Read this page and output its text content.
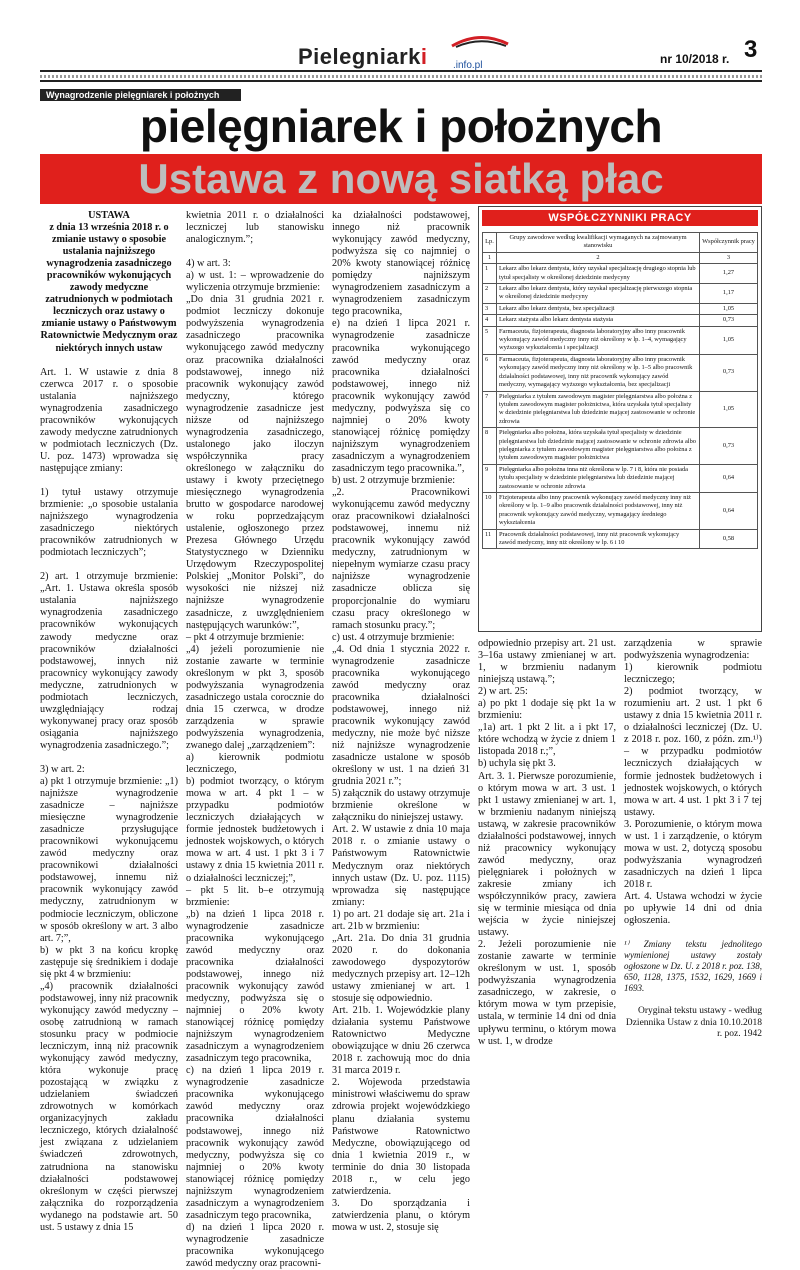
Pielegniarki	.info.pl	nr 10/2018 r. 3
Wynagrodzenie pielęgniarek i położnych
pielęgniarek i położnych
Ustawa z nową siatką płac

USTAWA

z dnia 13 września 2018 r. o zmianie ustawy o sposobie ustalania najniższego wynagrodzenia zasadniczego pracowników wykonujących zawody medyczne zatrudnionych w podmiotach leczniczych oraz ustawy o zmianie ustawy o Państwowym Ratownictwie Medycznym oraz niektórych innych ustaw

Art. 1. W ustawie z dnia 8 czerwca 2017 r. o sposobie ustalania najniższego wynagrodzenia zasadniczego pracowników wykonujących zawody medyczne zatrudnionych w podmiotach leczniczych (Dz. U. poz. 1473) wprowadza się następujące zmiany:

1) tytuł ustawy otrzymuje brzmienie: „o sposobie ustalania najniższego wynagrodzenia zasadniczego niektórych pracowników zatrudnionych w podmiotach leczniczych”;

2) art. 1 otrzymuje brzmienie: „Art. 1. Ustawa określa sposób ustalania najniższego wynagrodzenia zasadniczego pracowników wykonujących zawody medyczne oraz pracowników działalności podstawowej, innych niż pracownicy wykonujący zawody medyczne, zatrudnionych w podmiotach leczniczych, uwzględniający rodzaj wykonywanej pracy oraz sposób osiągania najniższego wynagrodzenia zasadniczego.”;

3) w art. 2:

a) pkt 1 otrzymuje brzmienie: „1) najniższe wynagrodzenie zasadnicze – najniższe miesięczne wynagrodzenie zasadnicze przysługujące pracownikowi wykonującemu zawód medyczny oraz pracownikowi działalności podstawowej, innemu niż pracownik wykonujący zawód medyczny, zatrudnionym w podmiocie leczniczym, obliczone w sposób określony w art. 3 albo art. 7;”,

b) w pkt 3 na końcu kropkę zastępuje się średnikiem i dodaje się pkt 4 w brzmieniu:

„4) pracownik działalności podstawowej, inny niż pracownik wykonujący zawód medyczny – osobę zatrudnioną w ramach stosunku pracy w podmiocie leczniczym, inną niż pracownik wykonujący zawód medyczny, która wykonuje pracę pozostającą w związku z udzielaniem świadczeń zdrowotnych w komórkach organizacyjnych zakładu leczniczego, których działalność jest związana z udzielaniem świadczeń zdrowotnych, zatrudniona na stanowisku działalności podstawowej określonym w części pierwszej załącznika do rozporządzenia wydanego na podstawie art. 50 ust. 5 ustawy z dnia 15

kwietnia 2011 r. o działalności leczniczej lub stanowisku analogicznym.”;

4) w art. 3:

a) w ust. 1: – wprowadzenie do wyliczenia otrzymuje brzmienie:

„Do dnia 31 grudnia 2021 r. podmiot leczniczy dokonuje podwyższenia wynagrodzenia zasadniczego pracownika wykonującego zawód medyczny oraz pracownika działalności podstawowej, innego niż pracownik wykonujący zawód medyczny, którego wynagrodzenie zasadnicze jest niższe od najniższego wynagrodzenia zasadniczego, ustalonego jako iloczyn współczynnika pracy określonego w załączniku do ustawy i kwoty przeciętnego miesięcznego wynagrodzenia brutto w gospodarce narodowej w roku poprzedzającym ustalenie, ogłoszonego przez Prezesa Głównego Urzędu Statystycznego w Dzienniku Urzędowym Rzeczypospolitej Polskiej „Monitor Polski”, do wysokości nie niższej niż najniższe wynagrodzenie zasadnicze, z uwzględnieniem następujących warunków:”,

– pkt 4 otrzymuje brzmienie:

„4) jeżeli porozumienie nie zostanie zawarte w terminie określonym w pkt 3, sposób podwyższania wynagrodzenia zasadniczego ustala corocznie do dnia 15 czerwca, w drodze zarządzenia w sprawie podwyższenia wynagrodzenia, zwanego dalej „zarządzeniem”:

a) kierownik podmiotu leczniczego,

b) podmiot tworzący, o którym mowa w art. 4 pkt 1 – w przypadku podmiotów leczniczych działających w formie jednostek budżetowych i jednostek wojskowych, o których mowa w art. 4 ust. 1 pkt 3 i 7 ustawy z dnia 15 kwietnia 2011 r. o działalności leczniczej;”,

– pkt 5 lit. b–e otrzymują brzmienie:

„b) na dzień 1 lipca 2018 r. wynagrodzenie zasadnicze pracownika wykonującego zawód medyczny oraz pracownika działalności podstawowej, innego niż pracownik wykonujący zawód medyczny, podwyższa się o najmniej o 20% kwoty stanowiącej różnicę pomiędzy najniższym wynagrodzeniem zasadniczym a wynagrodzeniem zasadniczym tego pracownika,

c) na dzień 1 lipca 2019 r. wynagrodzenie zasadnicze pracownika wykonującego zawód medyczny oraz pracownika działalności podstawowej, innego niż pracownik wykonujący zawód medyczny, podwyższa się co najmniej o 20% kwoty stanowiącej różnicę pomiędzy najniższym wynagrodzeniem zasadniczym a wynagrodzeniem zasadniczym tego pracownika,

d) na dzień 1 lipca 2020 r. wynagrodzenie zasadnicze pracownika wykonującego zawód medyczny oraz pracowni-

ka działalności podstawowej, innego niż pracownik wykonujący zawód medyczny, podwyższa się co najmniej o 20% kwoty stanowiącej różnicę pomiędzy najniższym wynagrodzeniem zasadniczym a wynagrodzeniem zasadniczym tego pracownika,

e) na dzień 1 lipca 2021 r. wynagrodzenie zasadnicze pracownika wykonującego zawód medyczny oraz pracownika działalności podstawowej, innego niż pracownik wykonujący zawód medyczny, podwyższa się co najmniej o 20% kwoty stanowiącej różnicę pomiędzy najniższym wynagrodzeniem zasadniczym a wynagrodzeniem zasadniczym tego pracownika.”,

b) ust. 2 otrzymuje brzmienie:

„2. Pracownikowi wykonującemu zawód medyczny oraz pracownikowi działalności podstawowej, innemu niż pracownik wykonujący zawód medyczny, zatrudnionym w niepełnym wymiarze czasu pracy najniższe wynagrodzenie zasadnicze oblicza się proporcjonalnie do wymiaru czasu pracy określonego w ramach stosunku pracy.”;

c) ust. 4 otrzymuje brzmienie:

„4. Od dnia 1 stycznia 2022 r. wynagrodzenie zasadnicze pracownika wykonującego zawód medyczny oraz pracownika działalności podstawowej, innego niż pracownik wykonujący zawód medyczny, nie może być niższe niż najniższe wynagrodzenie zasadnicze ustalone w sposób określony w ust. 1 na dzień 31 grudnia 2021 r.”;

5) załącznik do ustawy otrzymuje brzmienie określone w załączniku do niniejszej ustawy.

Art. 2. W ustawie z dnia 10 maja 2018 r. o zmianie ustawy o Państwowym Ratownictwie Medycznym oraz niektórych innych ustaw (Dz. U. poz. 1115) wprowadza się następujące zmiany:

1) po art. 21 dodaje się art. 21a i art. 21b w brzmieniu:

„Art. 21a. Do dnia 31 grudnia 2020 r. do dokonania zawodowego dyspozytorów medycznych przepisy art. 12–12h ustawy zmienianej w art. 1 stosuje się odpowiednio.

Art. 21b. 1. Wojewódzkie plany działania systemu Państwowe Ratownictwo Medyczne obowiązujące w dniu 26 czerwca 2018 r. zachowują moc do dnia 31 marca 2019 r.

2. Wojewoda przedstawia ministrowi właściwemu do spraw zdrowia projekt wojewódzkiego planu działania systemu Państwowe Ratownictwo Medyczne, obowiązującego od dnia 1 kwietnia 2019 r., w terminie do dnia 30 listopada 2018 r., w celu jego zatwierdzenia.

3. Do sporządzania i zatwierdzenia planu, o którym mowa w ust. 2, stosuje się

WSPÓŁCZYNNIKI PRACY
Lp.	Grupy zawodowe według kwalifikacji wymaganych na zajmowanym stanowisku	Współczynnik pracy
1	2	3
1	Lekarz albo lekarz dentysta, który uzyskał specjalizację drugiego stopnia lub tytuł specjalisty w określonej dziedzinie medycyny	1,27
2	Lekarz albo lekarz dentysta, który uzyskał specjalizację pierwszego stopnia w określonej dziedzinie medycyny	1,17
3	Lekarz albo lekarz dentysta, bez specjalizacji	1,05
4	Lekarz stażysta albo lekarz dentysta stażysta	0,73
5	Farmaceuta, fizjoterapeuta, diagnosta laboratoryjny albo inny pracownik wykonujący zawód medyczny inny niż określony w lp. 1–4, wymagający wyższego wykształcenia i specjalizacji	1,05
6	Farmaceuta, fizjoterapeuta, diagnosta laboratoryjny albo inny pracownik wykonujący zawód medyczny inny niż określony w lp. 1–5 albo pracownik działalności podstawowej, inny niż pracownik wykonujący zawód medyczny, wymagający wyższego wykształcenia, bez specjalizacji	0,73
7	Pielęgniarka z tytułem zawodowym magister pielęgniarstwa albo położna z tytułem zawodowym magister położnictwa, która uzyskała tytuł specjalisty w dziedzinie pielęgniarstwa lub dziedzinie mającej zastosowanie w ochronie zdrowia	1,05
8	Pielęgniarka albo położna, która uzyskała tytuł specjalisty w dziedzinie pielęgniarstwa lub dziedzinie mającej zastosowanie w ochronie zdrowia albo pielęgniarka z tytułem zawodowym magister pielęgniarstwa albo położna z tytułem zawodowym magister położnictwa	0,73
9	Pielęgniarka albo położna inna niż określona w lp. 7 i 8, która nie posiada tytułu specjalisty w dziedzinie pielęgniarstwa lub dziedzinie mającej zastosowanie w ochronie zdrowia	0,64
10	Fizjoterapeuta albo inny pracownik wykonujący zawód medyczny inny niż określony w lp. 1–9 albo pracownik działalności podstawowej, inny niż pracownik wykonujący zawód medyczny, wymagający średniego wykształcenia	0,64
11	Pracownik działalności podstawowej, inny niż pracownik wykonujący zawód medyczny, inny niż określony w lp. 6 i 10	0,58

odpowiednio przepisy art. 21 ust. 3–16a ustawy zmienianej w art. 1, w brzmieniu nadanym niniejszą ustawą.”;

2) w art. 25:

a) po pkt 1 dodaje się pkt 1a w brzmieniu:

„1a) art. 1 pkt 2 lit. a i pkt 17, które wchodzą w życie z dniem 1 listopada 2018 r.;”,

b) uchyla się pkt 3.

Art. 3. 1. Pierwsze porozumienie, o którym mowa w art. 3 ust. 1 pkt 1 ustawy zmienianej w art. 1, w brzmieniu nadanym niniejszą ustawą, w zakresie pracowników działalności podstawowej, innych niż pracownicy wykonujący zawód medyczny, oraz pielęgniarek i położnych w zakresie zmiany ich współczynników pracy, zawiera się w terminie miesiąca od dnia wejścia w życie niniejszej ustawy.

2. Jeżeli porozumienie nie zostanie zawarte w terminie określonym w ust. 1, sposób podwyższania wynagrodzenia zasadniczego, w zakresie, o którym mowa w tym przepisie, ustala, w terminie 14 dni od dnia upływu terminu, o którym mowa w ust. 1, w drodze

zarządzenia w sprawie podwyższenia wynagrodzenia:

1) kierownik podmiotu leczniczego;

2) podmiot tworzący, w rozumieniu art. 2 ust. 1 pkt 6 ustawy z dnia 15 kwietnia 2011 r. o działalności leczniczej (Dz. U. z 2018 r. poz. 160, z późn. zm.¹⁾) – w przypadku podmiotów leczniczych działających w formie jednostek budżetowych i jednostek wojskowych, o których mowa w art. 4 ust. 1 pkt 3 i 7 tej ustawy.

3. Porozumienie, o którym mowa w ust. 1 i zarządzenie, o którym mowa w ust. 2, dotyczą sposobu podwyższania wynagrodzeń zasadniczych na dzień 1 lipca 2018 r.

Art. 4. Ustawa wchodzi w życie po upływie 14 dni od dnia ogłoszenia.

¹⁾ Zmiany tekstu jednolitego wymienionej ustawy zostały ogłoszone w Dz. U. z 2018 r. poz. 138, 650, 1128, 1375, 1532, 1629, 1669 i 1693.

Oryginał tekstu ustawy - według Dziennika Ustaw z dnia 10.10.2018 r. poz. 1942
